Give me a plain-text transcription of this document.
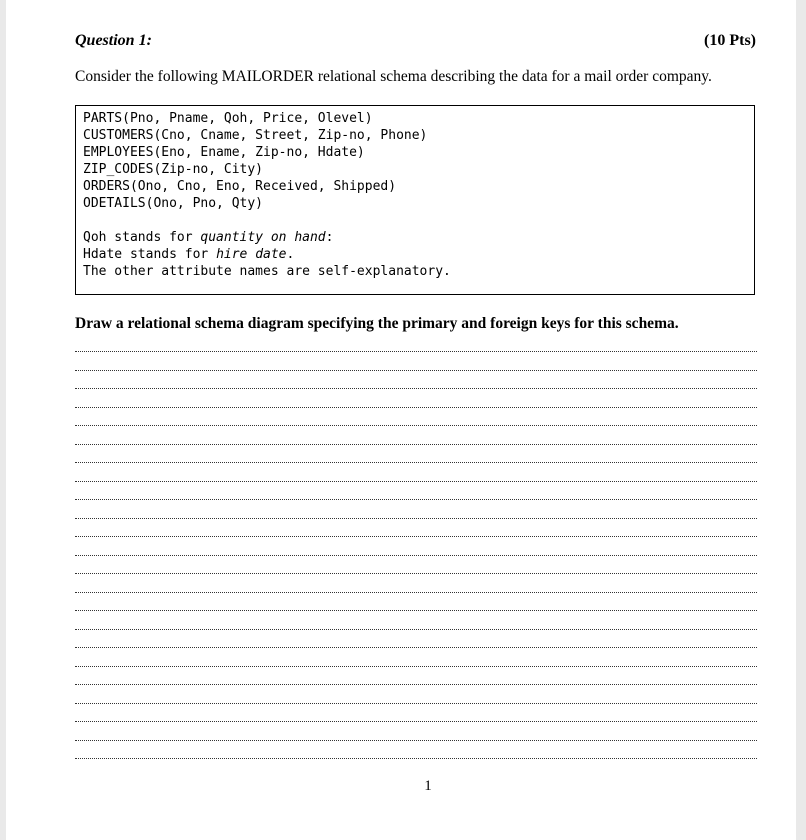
Question 1:	(10 Pts)
Consider the following MAILORDER relational schema describing the data for a mail order company.
PARTS(Pno, Pname, Qoh, Price, Olevel)
CUSTOMERS(Cno, Cname, Street, Zip-no, Phone)
EMPLOYEES(Eno, Ename, Zip-no, Hdate)
ZIP_CODES(Zip-no, City)
ORDERS(Ono, Cno, Eno, Received, Shipped)
ODETAILS(Ono, Pno, Qty)
Qoh stands for quantity on hand:
Hdate stands for hire date.
The other attribute names are self-explanatory.
Draw a relational schema diagram specifying the primary and foreign keys for this schema.
1
